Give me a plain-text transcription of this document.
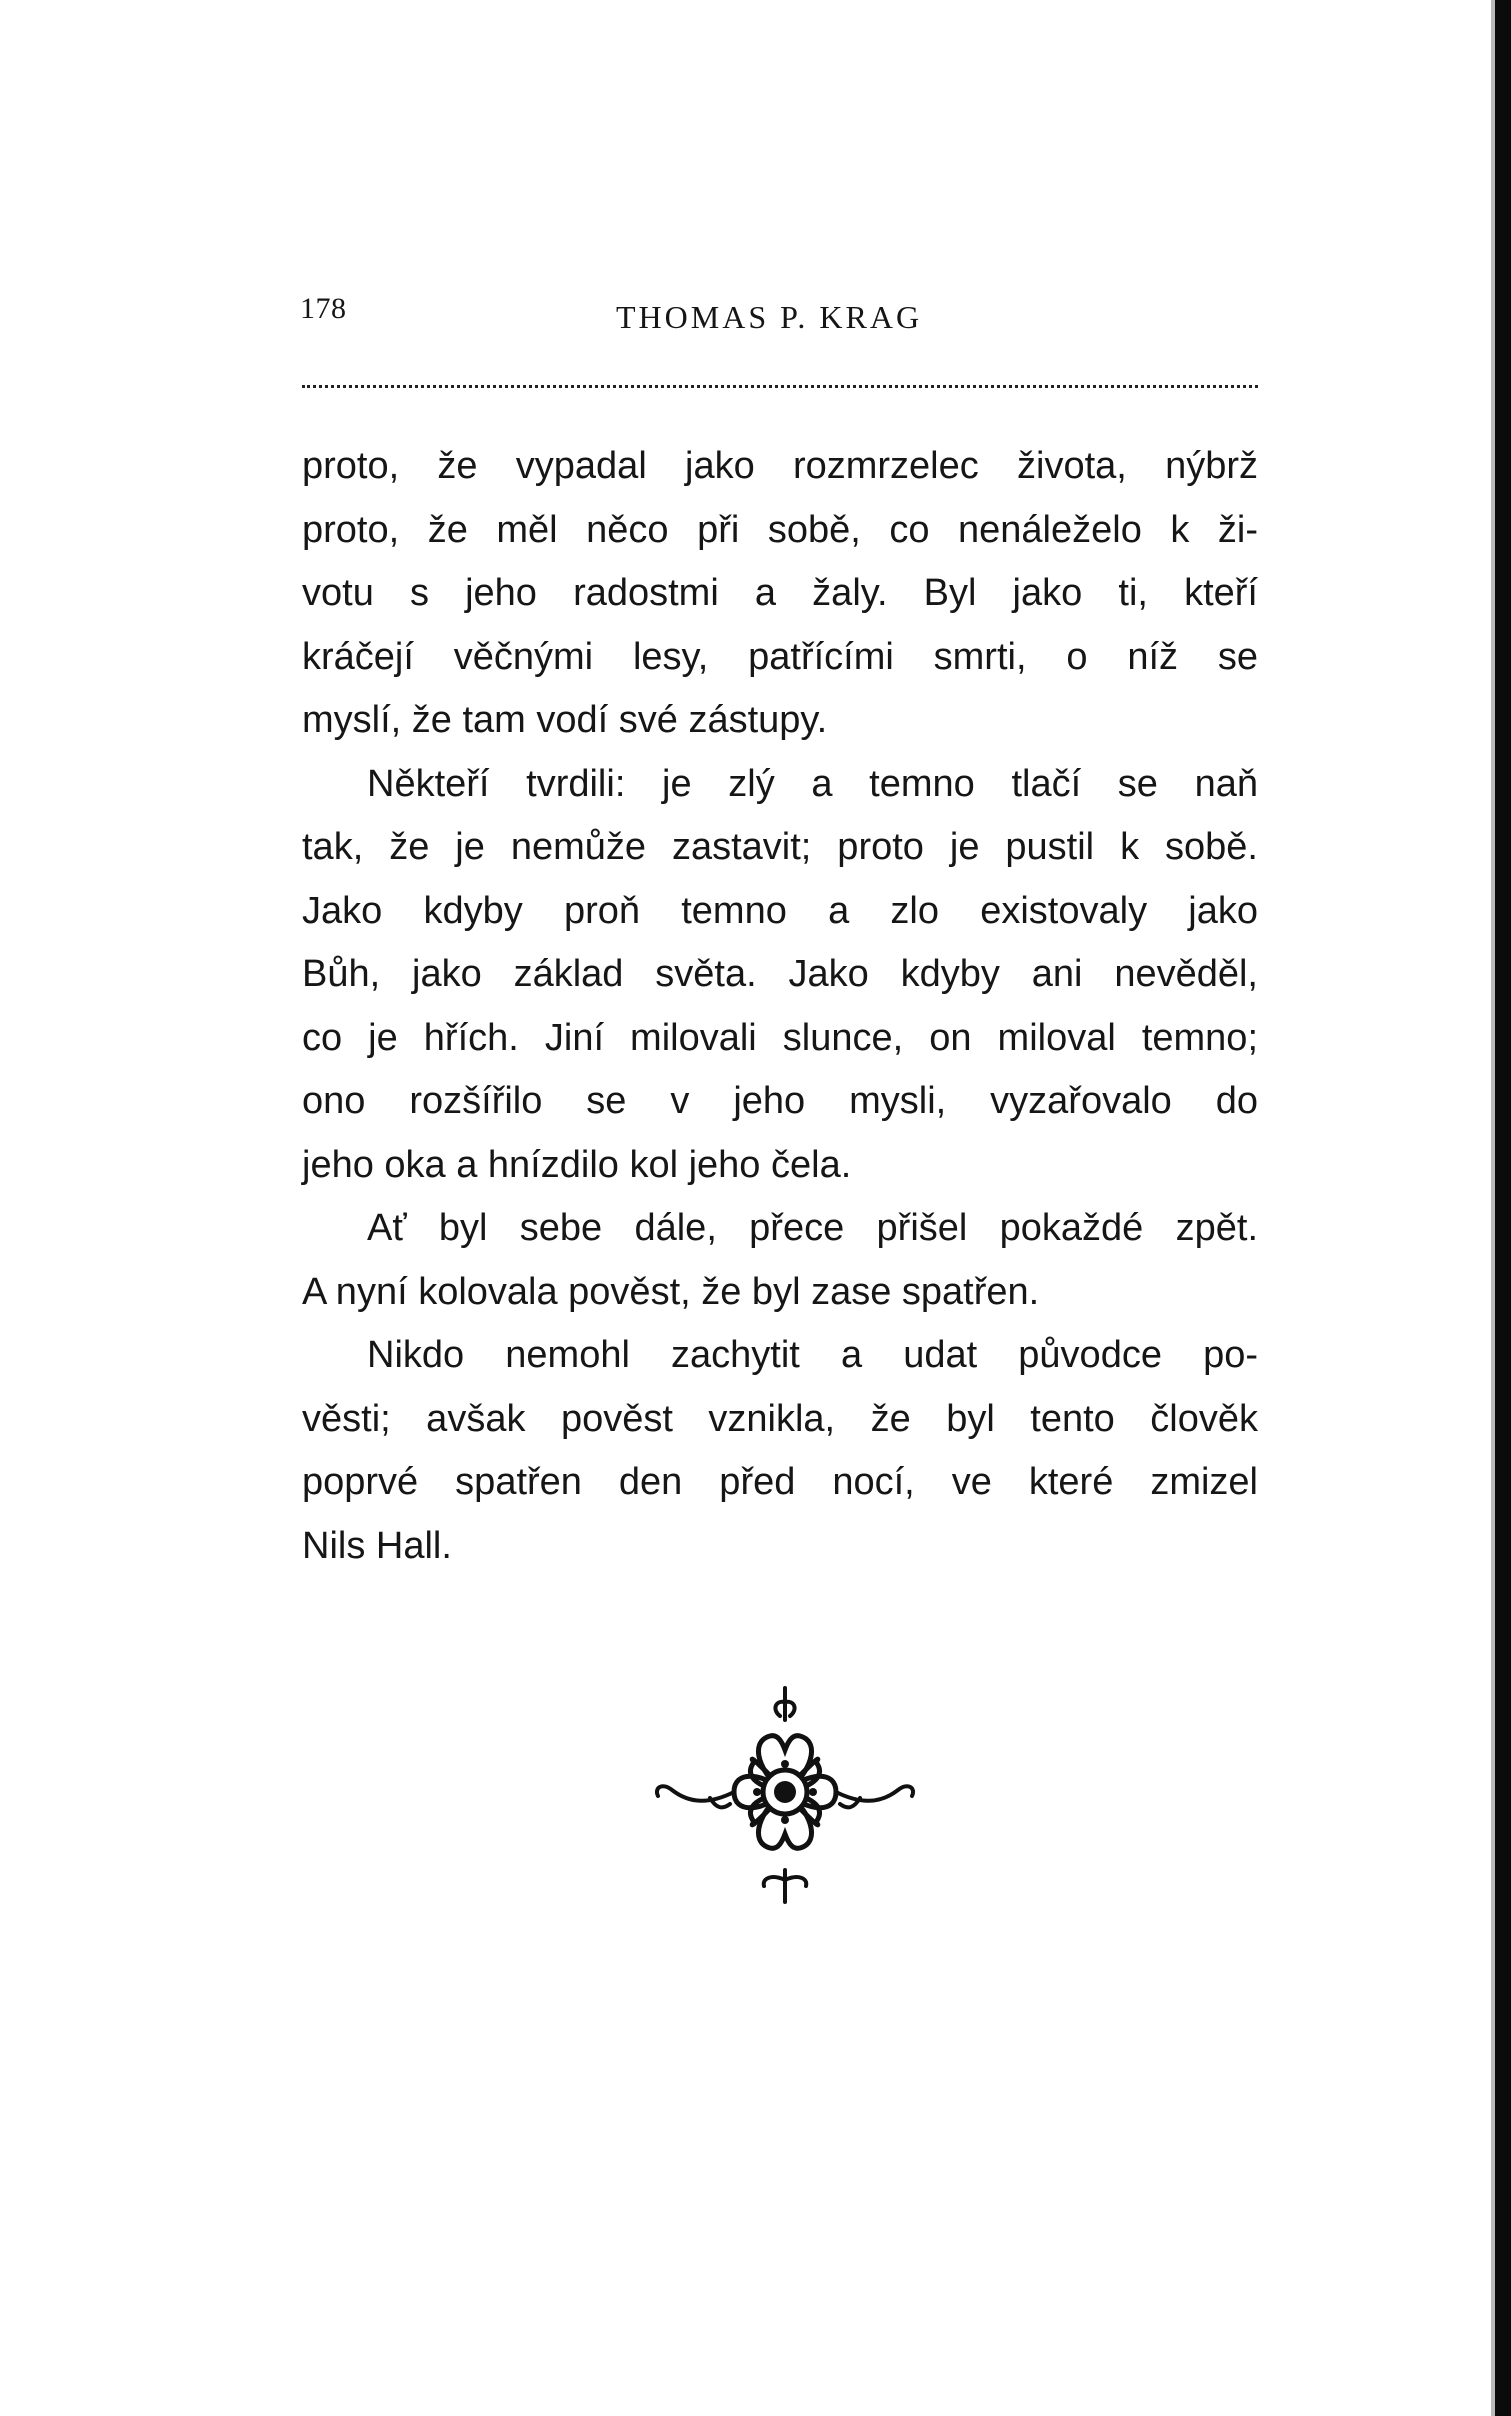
178	THOMAS P. KRAG
proto, že vypadal jako rozmrzelec života, nýbrž
proto, že měl něco při sobě, co nenáleželo k ži-
votu s jeho radostmi a žaly. Byl jako ti, kteří
kráčejí věčnými lesy, patřícími smrti, o níž se
myslí, že tam vodí své zástupy.
Někteří tvrdili: je zlý a temno tlačí se naň
tak, že je nemůže zastavit; proto je pustil k sobě.
Jako kdyby proň temno a zlo existovaly jako
Bůh, jako základ světa. Jako kdyby ani nevěděl,
co je hřích. Jiní milovali slunce, on miloval temno;
ono rozšířilo se v jeho mysli, vyzařovalo do
jeho oka a hnízdilo kol jeho čela.
Ať byl sebe dále, přece přišel pokaždé zpět.
A nyní kolovala pověst, že byl zase spatřen.
Nikdo nemohl zachytit a udat původce po-
věsti; avšak pověst vznikla, že byl tento člověk
poprvé spatřen den před nocí, ve které zmizel
Nils Hall.
